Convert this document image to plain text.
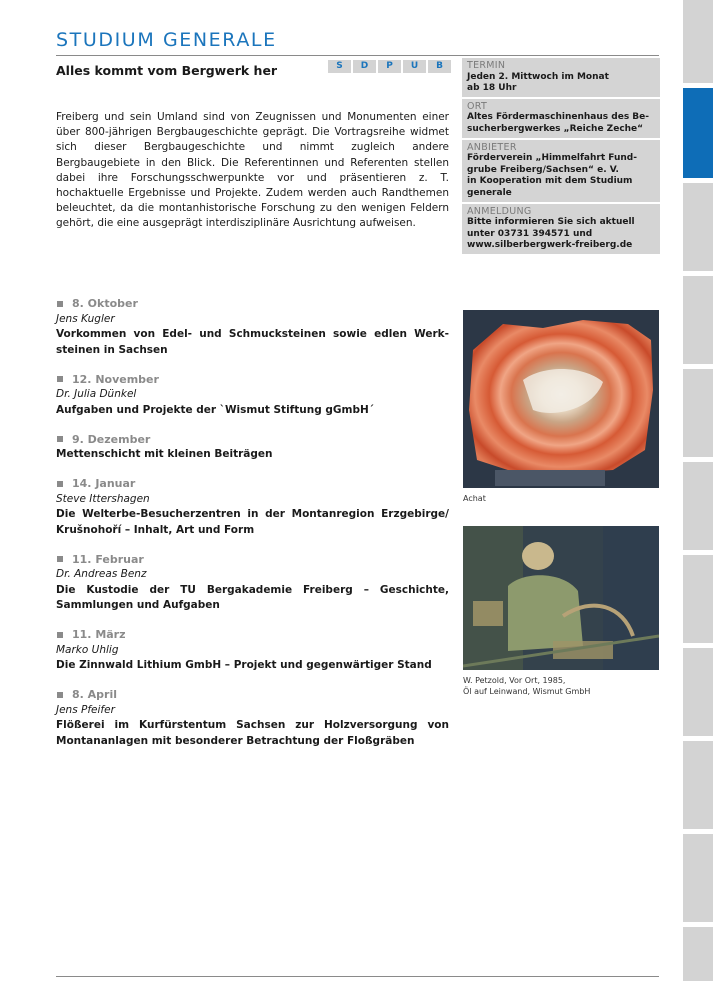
STUDIUM GENERALE
Alles kommt vom Bergwerk her	S	D	P	U	B

Freiberg und sein Umland sind von Zeugnissen und Monumenten einer über 800-jährigen Bergbaugeschichte geprägt. Die Vortragsreihe widmet sich dieser Bergbaugeschichte und nimmt zugleich andere Bergbaugebiete in den Blick. Die Referentinnen und Referenten stellen dabei ihre Forschungsschwerpunkte vor und präsentieren z. T. hochaktuelle Ergebnisse und Projekte. Zudem werden auch Randthemen beleuchtet, da die montanhistorische Forschung zu den wenigen Feldern gehört, die eine ausgeprägt interdisziplinäre Ausrichtung aufweisen.

8. Oktober
Jens Kugler
Vorkommen von Edel- und Schmucksteinen sowie edlen Werksteinen in Sachsen
12. November
Dr. Julia Dünkel
Aufgaben und Projekte der `Wismut Stiftung gGmbH´
9. Dezember
Mettenschicht mit kleinen Beiträgen
14. Januar
Steve Ittershagen
Die Welterbe-Besucherzentren in der Montanregion Erzgebirge/ Krušnohoří – Inhalt, Art und Form
11. Februar
Dr. Andreas Benz
Die Kustodie der TU Bergakademie Freiberg – Geschichte, Sammlungen und Aufgaben
11. März
Marko Uhlig
Die Zinnwald Lithium GmbH – Projekt und gegenwärtiger Stand
8. April
Jens Pfeifer
Flößerei im Kurfürstentum Sachsen zur Holzversorgung von Montananlagen mit besonderer Betrachtung der Floßgräben
TERMIN
Jeden 2. Mittwoch im Monat
ab 18 Uhr
ORT
Altes Fördermaschinenhaus des Be-
sucherbergwerkes „Reiche Zeche“
ANBIETER
Förderverein „Himmelfahrt Fund-
grube Freiberg/Sachsen“ e. V.
in Kooperation mit dem Studium
generale
ANMELDUNG
Bitte informieren Sie sich aktuell
unter 03731 394571 und
www.silberbergwerk-freiberg.de
Achat
W. Petzold, Vor Ort, 1985,
Öl auf Leinwand, Wismut GmbH
